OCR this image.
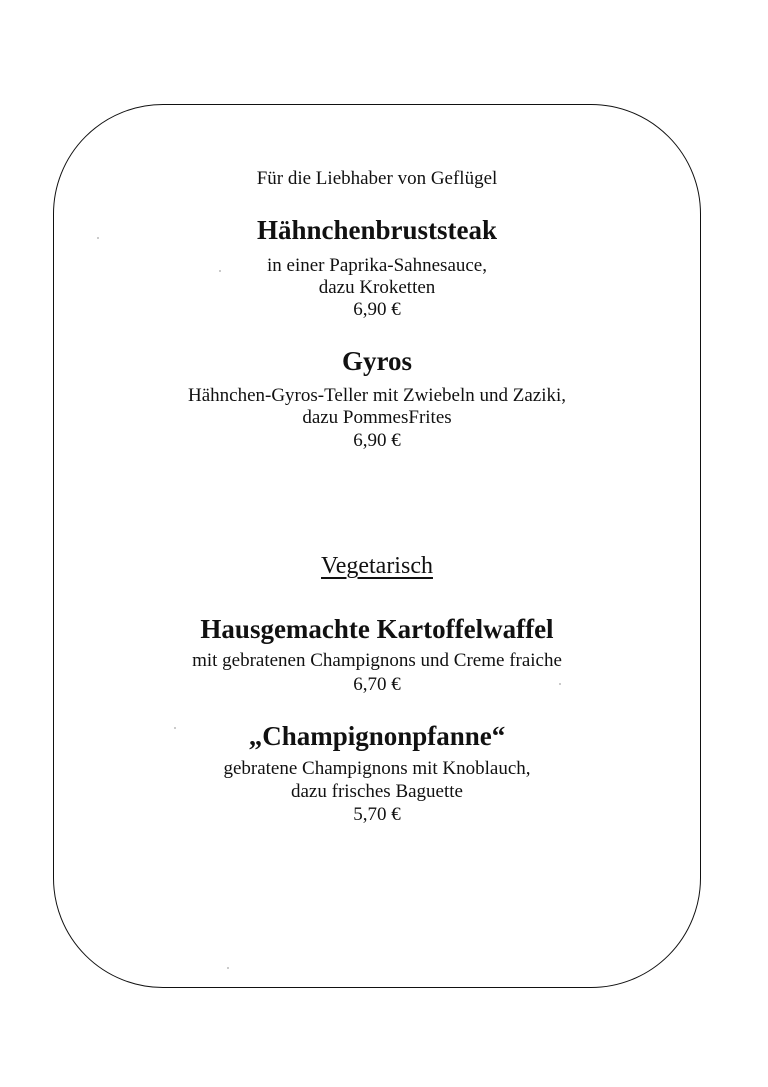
Für die Liebhaber von Geflügel
Hähnchenbruststeak
in einer Paprika-Sahnesauce,
dazu Kroketten
6,90 €
Gyros
Hähnchen-Gyros-Teller mit Zwiebeln und Zaziki,
dazu PommesFrites
6,90 €
Vegetarisch
Hausgemachte Kartoffelwaffel
mit gebratenen Champignons und Creme fraiche
6,70 €
„Champignonpfanne“
gebratene Champignons mit Knoblauch,
dazu frisches Baguette
5,70 €
